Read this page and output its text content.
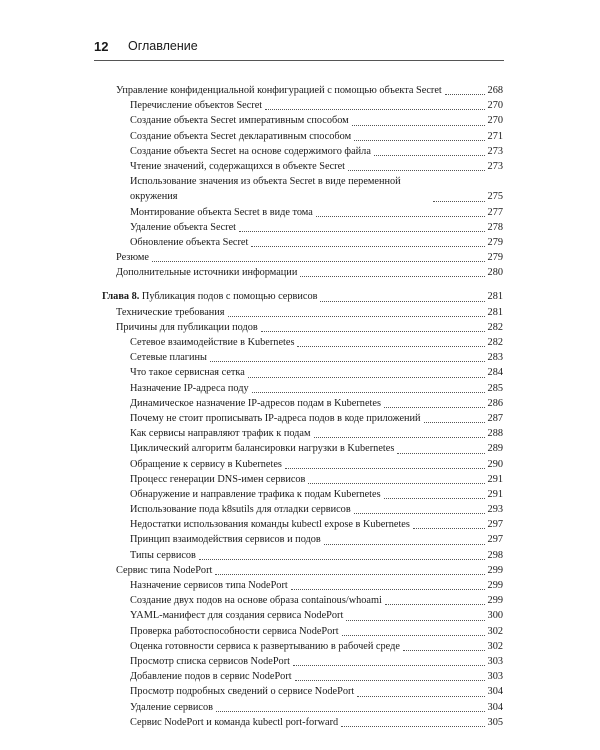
12 Оглавление
Управление конфиденциальной конфигурацией с помощью объекта Secret	268
Перечисление объектов Secret	270
Создание объекта Secret императивным способом	270
Создание объекта Secret декларативным способом	271
Создание объекта Secret на основе содержимого файла	273
Чтение значений, содержащихся в объекте Secret	273
Использование значения из объекта Secret в виде переменной окружения	275
Монтирование объекта Secret в виде тома	277
Удаление объекта Secret	278
Обновление объекта Secret	279
Резюме	279
Дополнительные источники информации	280
Глава 8. Публикация подов с помощью сервисов	281
Технические требования	281
Причины для публикации подов	282
Сетевое взаимодействие в Kubernetes	282
Сетевые плагины	283
Что такое сервисная сетка	284
Назначение IP-адреса поду	285
Динамическое назначение IP-адресов подам в Kubernetes	286
Почему не стоит прописывать IP-адреса подов в коде приложений	287
Как сервисы направляют трафик к подам	288
Циклический алгоритм балансировки нагрузки в Kubernetes	289
Обращение к сервису в Kubernetes	290
Процесс генерации DNS-имен сервисов	291
Обнаружение и направление трафика к подам Kubernetes	291
Использование пода k8sutils для отладки сервисов	293
Недостатки использования команды kubectl expose в Kubernetes	297
Принцип взаимодействия сервисов и подов	297
Типы сервисов	298
Сервис типа NodePort	299
Назначение сервисов типа NodePort	299
Создание двух подов на основе образа containous/whoami	299
YAML-манифест для создания сервиса NodePort	300
Проверка работоспособности сервиса NodePort	302
Оценка готовности сервиса к развертыванию в рабочей среде	302
Просмотр списка сервисов NodePort	303
Добавление подов в сервис NodePort	303
Просмотр подробных сведений о сервисе NodePort	304
Удаление сервисов	304
Сервис NodePort и команда kubectl port-forward	305
